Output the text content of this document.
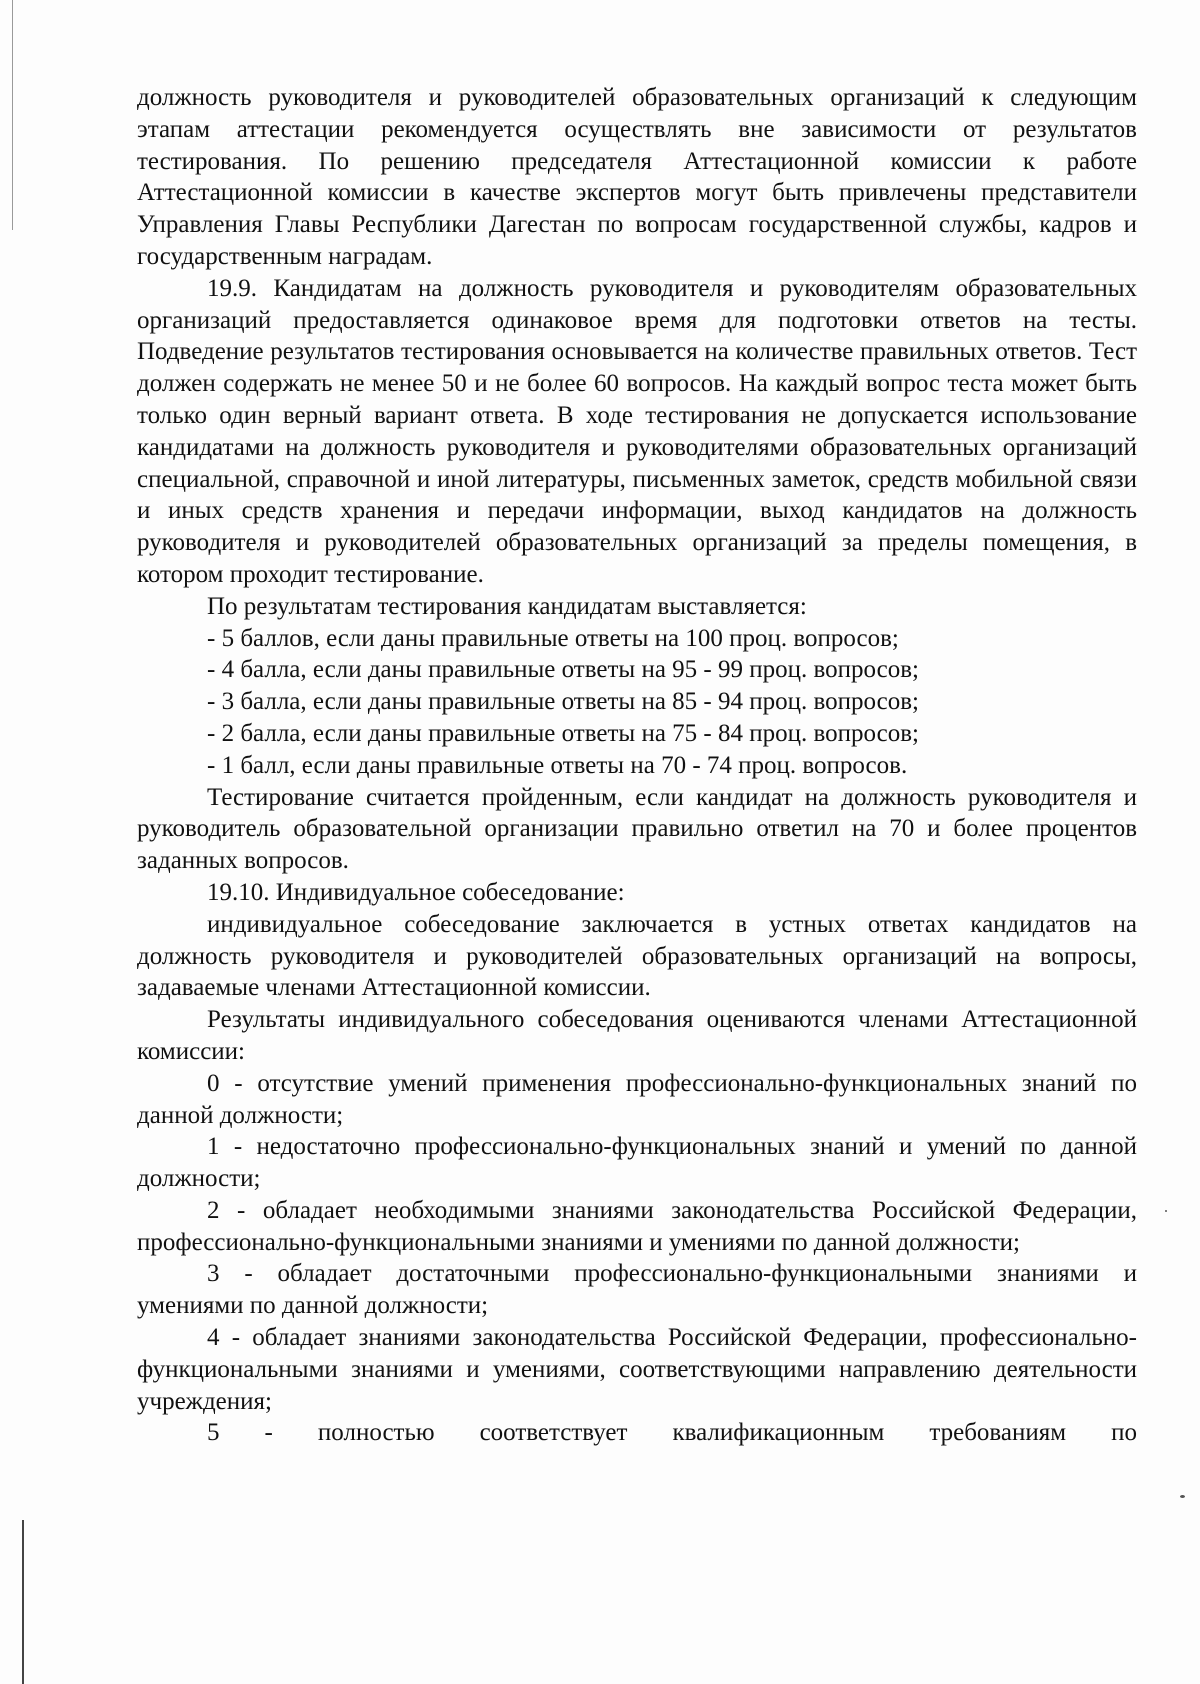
должность руководителя и руководителей образовательных организаций к следующим этапам аттестации рекомендуется осуществлять вне зависимости от результатов тестирования. По решению председателя Аттестационной комиссии к работе Аттестационной комиссии в качестве экспертов могут быть привлечены представители Управления Главы Республики Дагестан по вопросам государственной службы, кадров и государственным наградам.

19.9. Кандидатам на должность руководителя и руководителям образовательных организаций предоставляется одинаковое время для подготовки ответов на тесты. Подведение результатов тестирования основывается на количестве правильных ответов. Тест должен содержать не менее 50 и не более 60 вопросов. На каждый вопрос теста может быть только один верный вариант ответа. В ходе тестирования не допускается использование кандидатами на должность руководителя и руководителями образовательных организаций специальной, справочной и иной литературы, письменных заметок, средств мобильной связи и иных средств хранения и передачи информации, выход кандидатов на должность руководителя и руководителей образовательных организаций за пределы помещения, в котором проходит тестирование.

По результатам тестирования кандидатам выставляется:

- 5 баллов, если даны правильные ответы на 100 проц. вопросов;

- 4 балла, если даны правильные ответы на 95 - 99 проц. вопросов;

- 3 балла, если даны правильные ответы на 85 - 94 проц. вопросов;

- 2 балла, если даны правильные ответы на 75 - 84 проц. вопросов;

- 1 балл, если даны правильные ответы на 70 - 74 проц. вопросов.

Тестирование считается пройденным, если кандидат на должность руководителя и руководитель образовательной организации правильно ответил на 70 и более процентов заданных вопросов.

19.10. Индивидуальное собеседование:

индивидуальное собеседование заключается в устных ответах кандидатов на должность руководителя и руководителей образовательных организаций на вопросы, задаваемые членами Аттестационной комиссии.

Результаты индивидуального собеседования оцениваются членами Аттестационной комиссии:

0 - отсутствие умений применения профессионально-функциональных знаний по данной должности;

1 - недостаточно профессионально-функциональных знаний и умений по данной должности;

2 - обладает необходимыми знаниями законодательства Российской Федерации, профессионально-функциональными знаниями и умениями по данной должности;

3 - обладает достаточными профессионально-функциональными знаниями и умениями по данной должности;

4 - обладает знаниями законодательства Российской Федерации, профессионально-функциональными знаниями и умениями, соответствующими направлению деятельности учреждения;

5 - полностью соответствует квалификационным требованиям по
